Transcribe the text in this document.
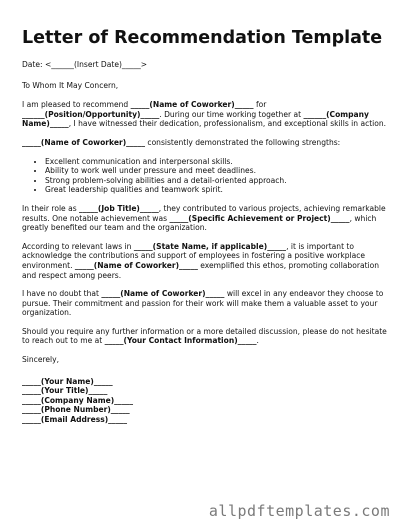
Letter of Recommendation Template

Date: <______(Insert Date)_____>

To Whom It May Concern,

I am pleased to recommend _____(Name of Coworker)_____ for ______(Position/Opportunity)_____. During our time working together at ______(Company Name)_____, I have witnessed their dedication, professionalism, and exceptional skills in action.

_____(Name of Coworker)_____ consistently demonstrated the following strengths:

• Excellent communication and interpersonal skills.
• Ability to work well under pressure and meet deadlines.
• Strong problem-solving abilities and a detail-oriented approach.
• Great leadership qualities and teamwork spirit.

In their role as _____(Job Title)_____, they contributed to various projects, achieving remarkable results. One notable achievement was _____(Specific Achievement or Project)_____, which greatly benefited our team and the organization.

According to relevant laws in _____(State Name, if applicable)_____, it is important to acknowledge the contributions and support of employees in fostering a positive workplace environment. _____(Name of Coworker)_____ exemplified this ethos, promoting collaboration and respect among peers.

I have no doubt that _____(Name of Coworker)_____ will excel in any endeavor they choose to pursue. Their commitment and passion for their work will make them a valuable asset to your organization.

Should you require any further information or a more detailed discussion, please do not hesitate to reach out to me at _____(Your Contact Information)_____.

Sincerely,

_____(Your Name)_____
_____(Your Title)_____
_____(Company Name)_____
_____(Phone Number)_____
_____(Email Address)_____
allpdftemplates.com
